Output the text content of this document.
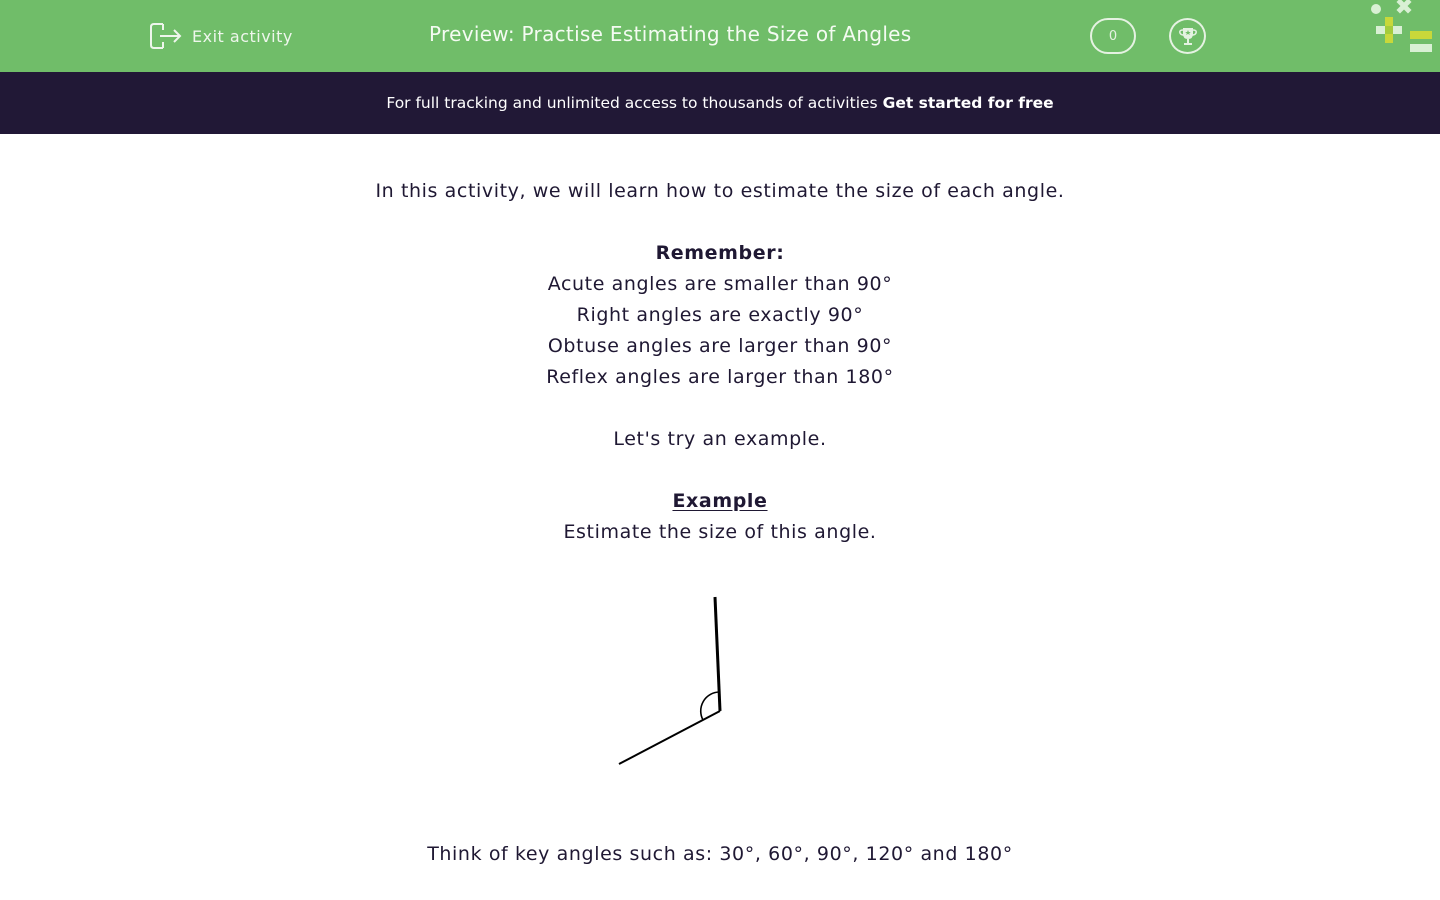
Exit activity	Preview: Practise Estimating the Size of Angles	0
For full tracking and unlimited access to thousands of activities Get started for free
In this activity, we will learn how to estimate the size of each angle.
Remember:
Acute angles are smaller than 90°
Right angles are exactly 90°
Obtuse angles are larger than 90°
Reflex angles are larger than 180°
Let's try an example.
Example
Estimate the size of this angle.
Think of key angles such as: 30°, 60°, 90°, 120° and 180°
